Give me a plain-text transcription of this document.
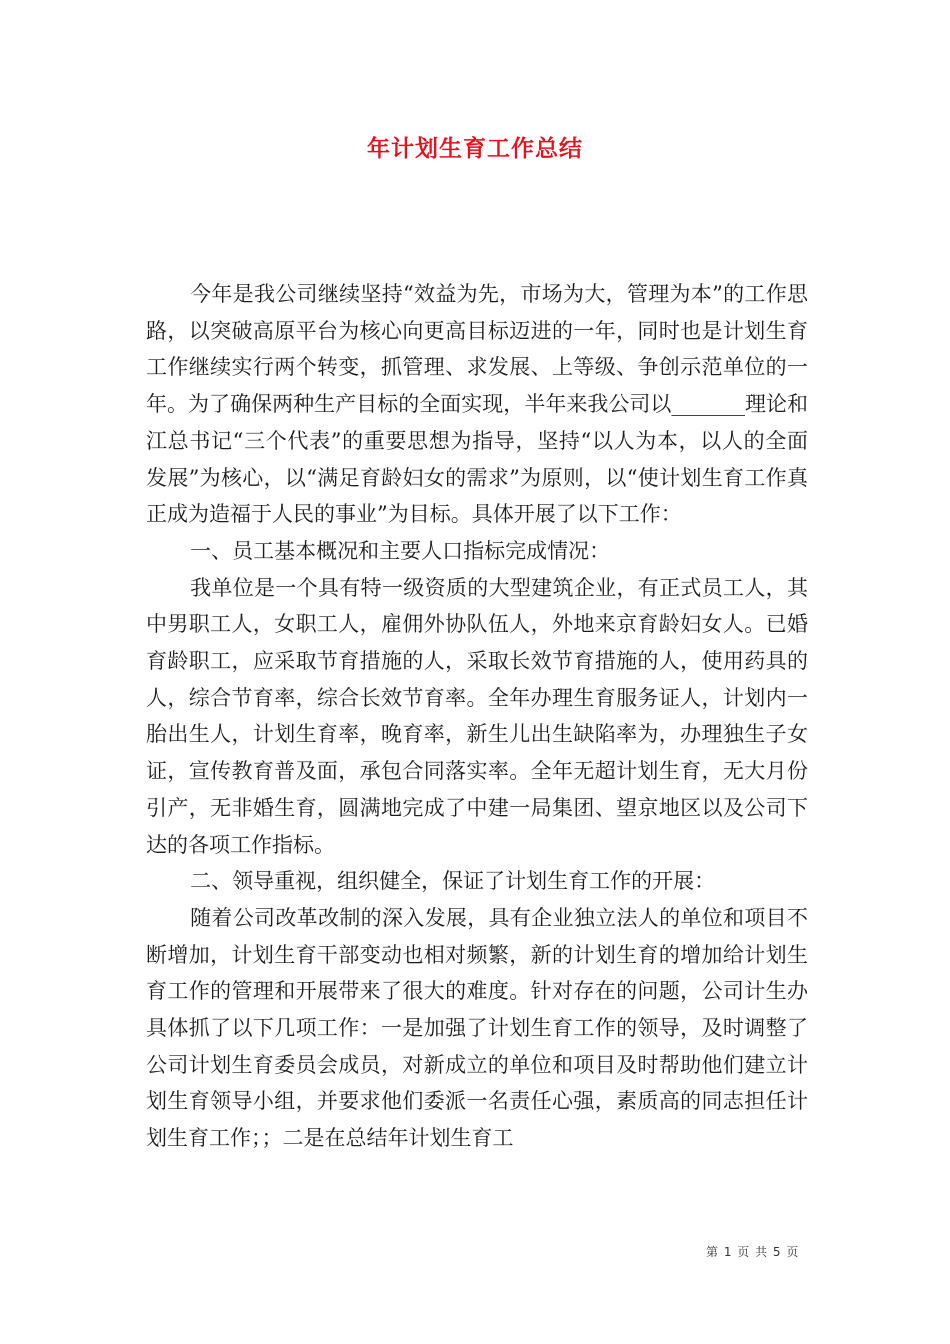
年计划生育工作总结

今年是我公司继续坚持“效益为先，市场为大，管理为本”的工作思路，以突破高原平台为核心向更高目标迈进的一年，同时也是计划生育工作继续实行两个转变，抓管理、求发展、上等级、争创示范单位的一年。为了确保两种生产目标的全面实现，半年来我公司以_______理论和江总书记“三个代表”的重要思想为指导，坚持“以人为本，以人的全面发展”为核心，以“满足育龄妇女的需求”为原则，以“使计划生育工作真正成为造福于人民的事业”为目标。具体开展了以下工作：

一、员工基本概况和主要人口指标完成情况：

我单位是一个具有特一级资质的大型建筑企业，有正式员工人，其中男职工人，女职工人，雇佣外协队伍人，外地来京育龄妇女人。已婚育龄职工，应采取节育措施的人，采取长效节育措施的人，使用药具的人，综合节育率，综合长效节育率。全年办理生育服务证人，计划内一胎出生人，计划生育率，晚育率，新生儿出生缺陷率为，办理独生子女证，宣传教育普及面，承包合同落实率。全年无超计划生育，无大月份引产，无非婚生育，圆满地完成了中建一局集团、望京地区以及公司下达的各项工作指标。

二、领导重视，组织健全，保证了计划生育工作的开展：

随着公司改革改制的深入发展，具有企业独立法人的单位和项目不断增加，计划生育干部变动也相对频繁，新的计划生育的增加给计划生育工作的管理和开展带来了很大的难度。针对存在的问题，公司计生办具体抓了以下几项工作：一是加强了计划生育工作的领导，及时调整了公司计划生育委员会成员，对新成立的单位和项目及时帮助他们建立计划生育领导小组，并要求他们委派一名责任心强，素质高的同志担任计划生育工作；；二是在总结年计划生育工

第 1 页 共 5 页
